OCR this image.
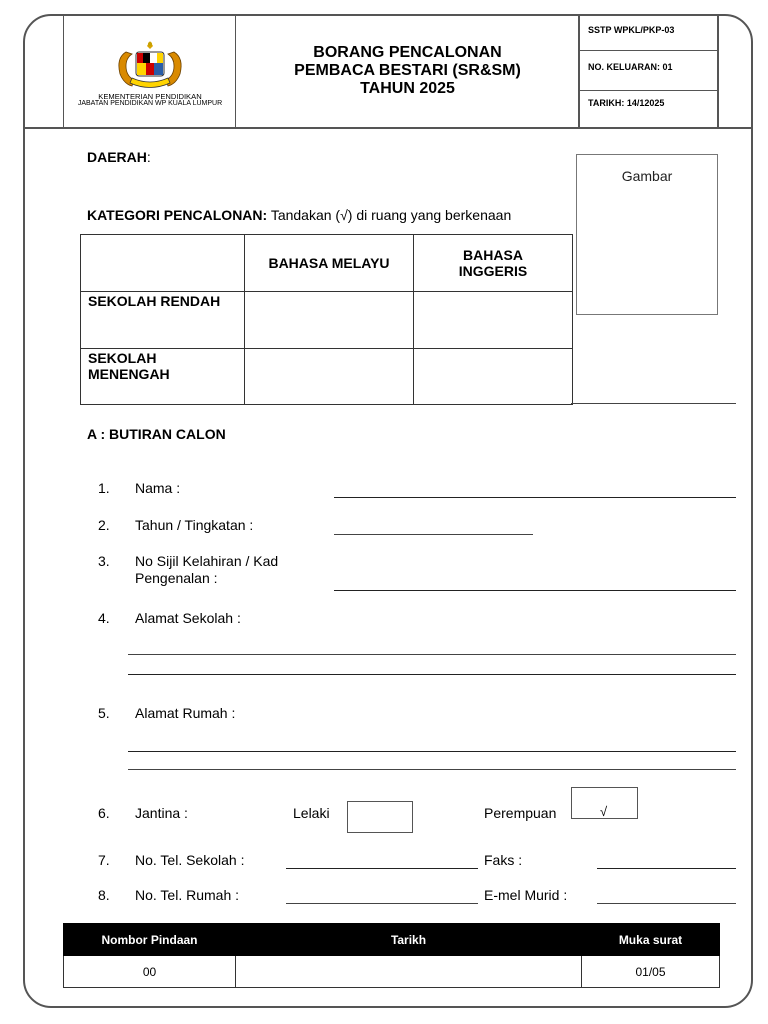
KEMENTERIAN PENDIDIKAN
JABATAN PENDIDIKAN WP KUALA LUMPUR
BORANG PENCALONAN
PEMBACA BESTARI (SR&SM)
TAHUN 2025
SSTP WPKL/PKP-03
NO. KELUARAN: 01
TARIKH: 14/12025
Gambar
DAERAH:
KATEGORI PENCALONAN: Tandakan (√) di ruang yang berkenaan
	BAHASA MELAYU	BAHASA INGGERIS
SEKOLAH RENDAH		
SEKOLAH MENENGAH		
A : BUTIRAN CALON
1. Nama :
2. Tahun / Tingkatan :
3. No Sijil Kelahiran / Kad
Pengenalan :
4. Alamat Sekolah :
5. Alamat Rumah :
6. Jantina :	Lelaki	Perempuan	√
7. No. Tel. Sekolah :	Faks :
8. No. Tel. Rumah :	E-mel Murid :
Nombor Pindaan	Tarikh	Muka surat
00		01/05
